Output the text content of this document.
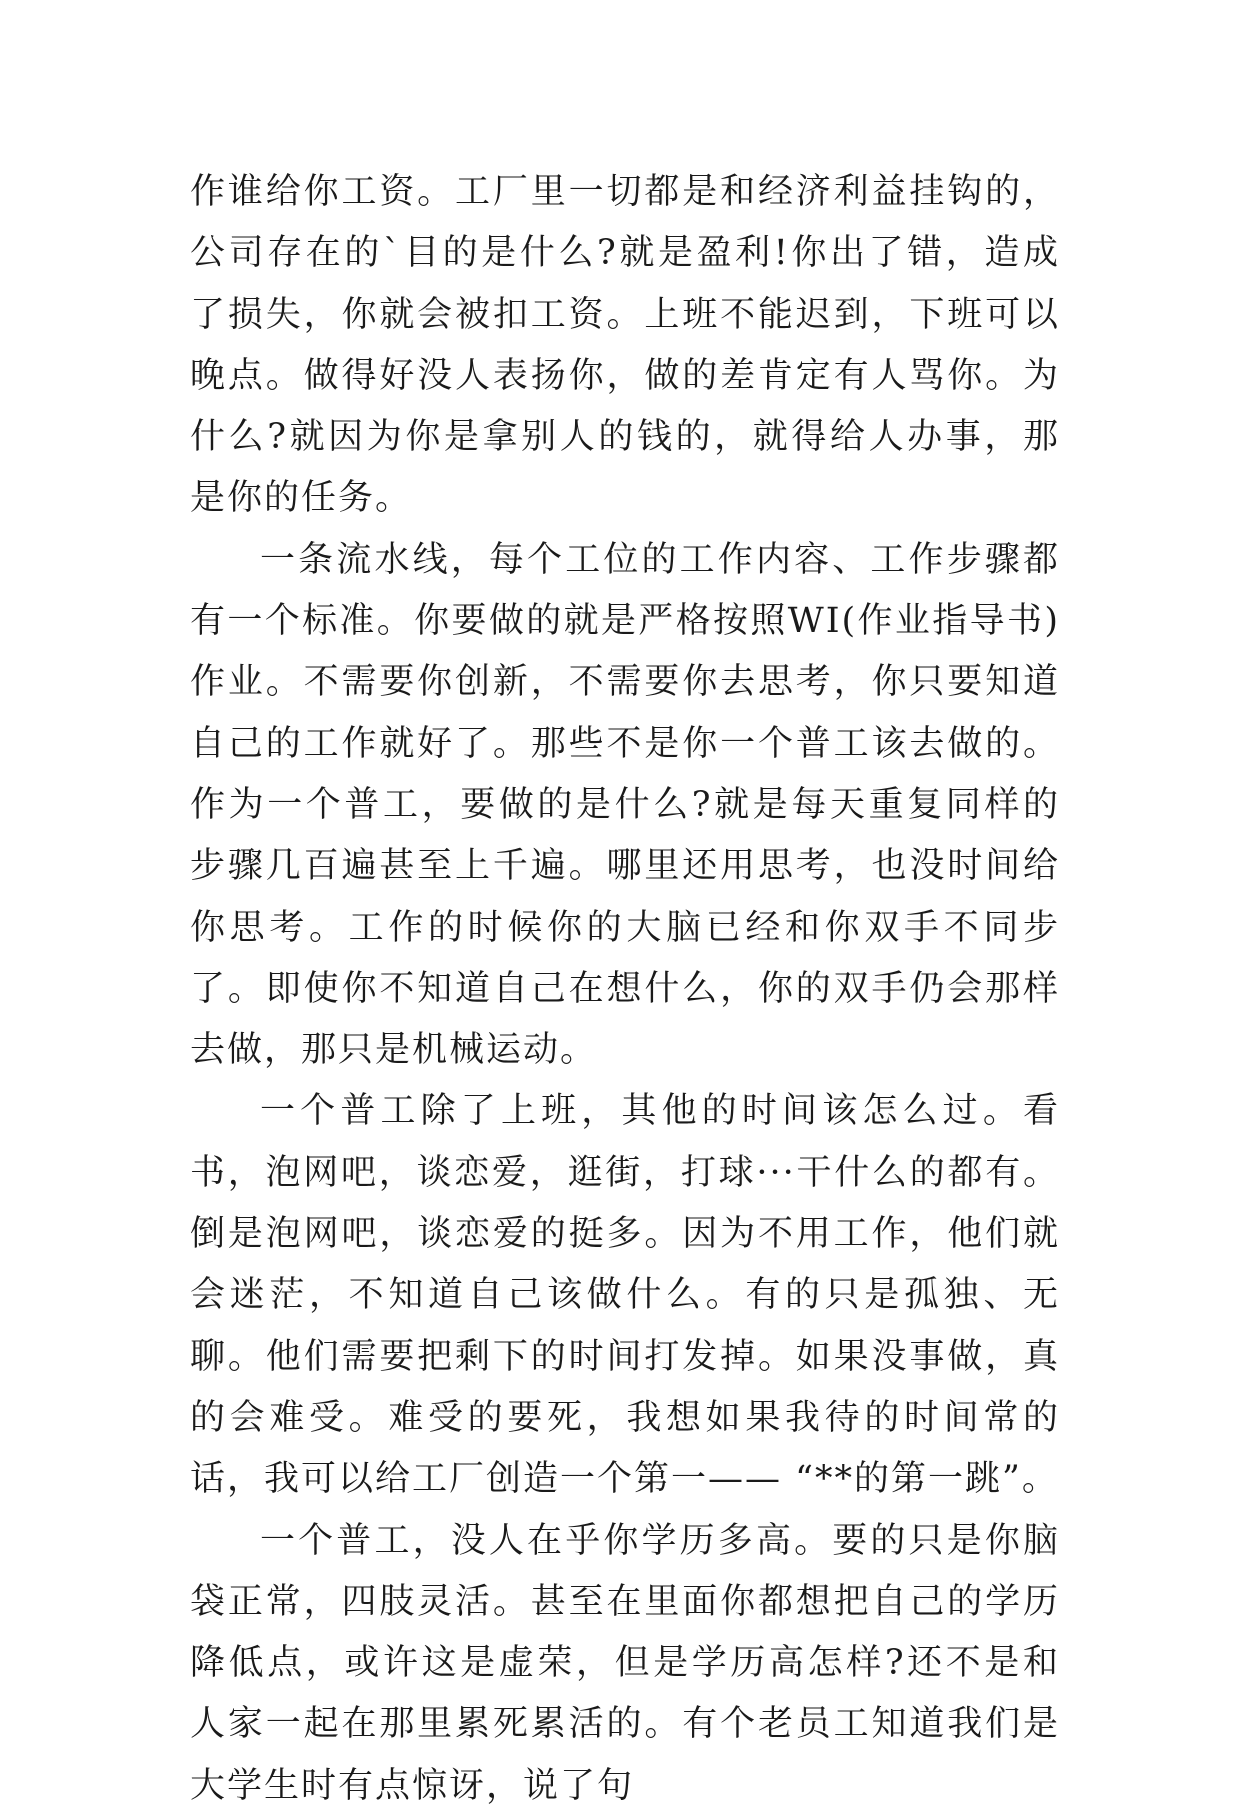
作谁给你工资。工厂里一切都是和经济利益挂钩的，公司存在的`目的是什么?就是盈利!你出了错，造成了损失，你就会被扣工资。上班不能迟到，下班可以晚点。做得好没人表扬你，做的差肯定有人骂你。为什么?就因为你是拿别人的钱的，就得给人办事，那是你的任务。

一条流水线，每个工位的工作内容、工作步骤都有一个标准。你要做的就是严格按照WI(作业指导书)作业。不需要你创新，不需要你去思考，你只要知道自己的工作就好了。那些不是你一个普工该去做的。作为一个普工，要做的是什么?就是每天重复同样的步骤几百遍甚至上千遍。哪里还用思考，也没时间给你思考。工作的时候你的大脑已经和你双手不同步了。即使你不知道自己在想什么，你的双手仍会那样去做，那只是机械运动。

一个普工除了上班，其他的时间该怎么过。看书，泡网吧，谈恋爱，逛街，打球···干什么的都有。倒是泡网吧，谈恋爱的挺多。因为不用工作，他们就会迷茫，不知道自己该做什么。有的只是孤独、无聊。他们需要把剩下的时间打发掉。如果没事做，真的会难受。难受的要死，我想如果我待的时间常的话，我可以给工厂创造一个第一—— “**的第一跳”。

一个普工，没人在乎你学历多高。要的只是你脑袋正常，四肢灵活。甚至在里面你都想把自己的学历降低点，或许这是虚荣，但是学历高怎样?还不是和人家一起在那里累死累活的。有个老员工知道我们是大学生时有点惊讶，说了句
